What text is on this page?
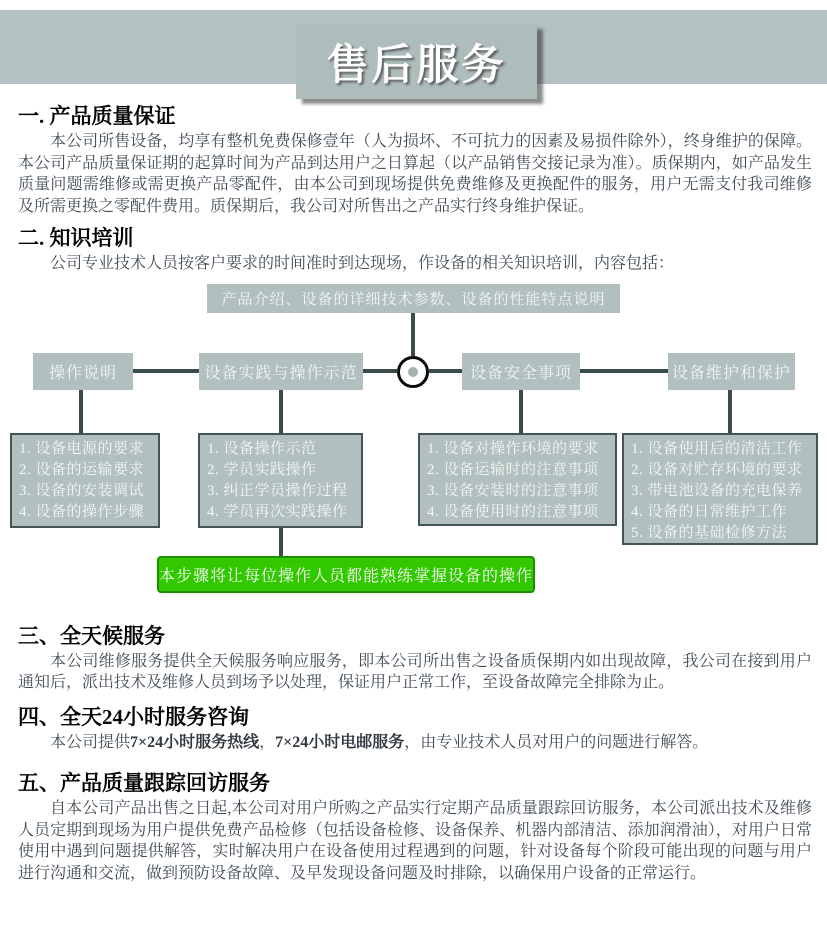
售后服务
一. 产品质量保证

本公司所售设备，均享有整机免费保修壹年（人为损坏、不可抗力的因素及易损件除外），终身维护的保障。本公司产品质量保证期的起算时间为产品到达用户之日算起（以产品销售交接记录为准）。质保期内，如产品发生质量问题需维修或需更换产品零配件，由本公司到现场提供免费维修及更换配件的服务，用户无需支付我司维修及所需更换之零配件费用。质保期后，我公司对所售出之产品实行终身维护保证。

二. 知识培训

公司专业技术人员按客户要求的时间准时到达现场，作设备的相关知识培训，内容包括：

产品介绍、设备的详细技术参数、设备的性能特点说明
操作说明	设备实践与操作示范	设备安全事项	设备维护和保护
1. 设备电源的要求
2. 设备的运输要求
3. 设备的安装调试
4. 设备的操作步骤
1. 设备操作示范
2. 学员实践操作
3. 纠正学员操作过程
4. 学员再次实践操作
1. 设备对操作环境的要求
2. 设备运输时的注意事项
3. 设备安装时的注意事项
4. 设备使用时的注意事项
1. 设备使用后的清洁工作
2. 设备对贮存环境的要求
3. 带电池设备的充电保养
4. 设备的日常维护工作
5. 设备的基础检修方法
本步骤将让每位操作人员都能熟练掌握设备的操作
三、全天候服务

本公司维修服务提供全天候服务响应服务，即本公司所出售之设备质保期内如出现故障，我公司在接到用户通知后，派出技术及维修人员到场予以处理，保证用户正常工作，至设备故障完全排除为止。

四、全天24小时服务咨询

本公司提供7×24小时服务热线，7×24小时电邮服务，由专业技术人员对用户的问题进行解答。

五、产品质量跟踪回访服务

自本公司产品出售之日起,本公司对用户所购之产品实行定期产品质量跟踪回访服务，本公司派出技术及维修人员定期到现场为用户提供免费产品检修（包括设备检修、设备保养、机器内部清洁、添加润滑油），对用户日常使用中遇到问题提供解答，实时解决用户在设备使用过程遇到的问题，针对设备每个阶段可能出现的问题与用户进行沟通和交流，做到预防设备故障、及早发现设备问题及时排除，以确保用户设备的正常运行。
